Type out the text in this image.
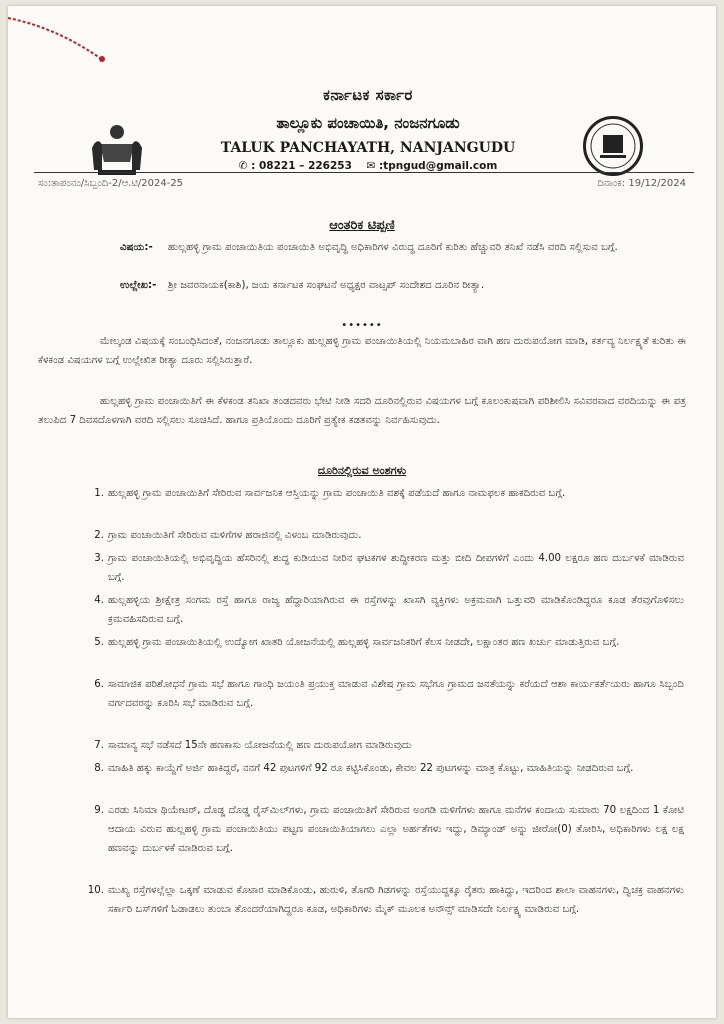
ಕರ್ನಾಟಕ ಸರ್ಕಾರ
ತಾಲ್ಲೂಕು ಪಂಚಾಯಿತಿ, ನಂಜನಗೂಡು
TALUK PANCHAYATH, NANJANGUDU
✆ : 08221 – 226253 ✉ :tpngud@gmail.com
ಸಂ:ತಾಪಂನಂ/ಸಿಬ್ಬಂದಿ-2/ಆ.ಟಿ/2024-25	ದಿನಾಂಕ: 19/12/2024
ಆಂತರಿಕ ಟಿಪ್ಪಣಿ
ವಿಷಯ:-	ಹುಲ್ಲಹಳ್ಳಿ ಗ್ರಾಮ ಪಂಚಾಯಿತಿಯ ಪಂಚಾಯಿತಿ ಅಭಿವೃದ್ಧಿ ಅಧಿಕಾರಿಗಳ ವಿರುದ್ಧ ದೂರಿಗೆ ಕುರಿತು ಹೆಚ್ಚುವರಿ ತನಿಖೆ ನಡೆಸಿ ವರದಿ ಸಲ್ಲಿಸುವ ಬಗ್ಗೆ.
ಉಲ್ಲೇಖ:-	ಶ್ರೀ ಜವರನಾಯಕ(ಕಾಶಿ), ಜಯ ಕರ್ನಾಟಕ ಸಂಘಟನೆ ಅಧ್ಯಕ್ಷರ ವಾಟ್ಸಪ್ ಸಂದೇಶದ ದೂರಿನ ರೀತ್ಯಾ.
••••••
ಮೇಲ್ಕಂಡ ವಿಷಯಕ್ಕೆ ಸಂಬಂಧಿಸಿದಂತೆ, ನಂಜನಗೂಡು ತಾಲ್ಲೂಕು ಹುಲ್ಲಹಳ್ಳಿ ಗ್ರಾಮ ಪಂಚಾಯಿತಿಯಲ್ಲಿ ನಿಯಮಬಾಹಿರ ವಾಗಿ ಹಣ ದುರುಪಯೋಗ ಮಾಡಿ, ಕರ್ತವ್ಯ ನಿರ್ಲಕ್ಷ್ಯತೆ ಕುರಿತು ಈ ಕೆಳಕಂಡ ವಿಷಯಗಳ ಬಗ್ಗೆ ಉಲ್ಲೇಖಿತ ರೀತ್ಯಾ ದೂರು ಸಲ್ಲಿಸಿರುತ್ತಾರೆ.
ಹುಲ್ಲಹಳ್ಳಿ ಗ್ರಾಮ ಪಂಚಾಯಿತಿಗೆ ಈ ಕೆಳಕಂಡ ತನಿಖಾ ತಂಡದವರು ಭೇಟಿ ನೀಡಿ ಸದರಿ ದೂರಿನಲ್ಲಿರುವ ವಿಷಯಗಳ ಬಗ್ಗೆ ಕೂಲಂಕುಷವಾಗಿ ಪರಿಶೀಲಿಸಿ ಸವಿವರವಾದ ವರದಿಯನ್ನು ಈ ಪತ್ರ ತಲುಪಿದ 7 ದಿವಸದೊಳಗಾಗಿ ವರದಿ ಸಲ್ಲಿಸಲು ಸೂಚಿಸಿದೆ. ಹಾಗೂ ಪ್ರತಿಯೊಂದು ದೂರಿಗೆ ಪ್ರತ್ಯೇಕ ಕಡತವನ್ನು ನಿರ್ವಹಿಸುವುದು.
ದೂರಿನಲ್ಲಿರುವ ಅಂಶಗಳು
1. ಹುಲ್ಲಹಳ್ಳಿ ಗ್ರಾಮ ಪಂಚಾಯಿತಿಗೆ ಸೇರಿರುವ ಸಾರ್ವಜನಿಕ ಆಸ್ತಿಯನ್ನು ಗ್ರಾಮ ಪಂಚಾಯಿತಿ ವಶಕ್ಕೆ ಪಡೆಯದೆ ಹಾಗೂ ನಾಮಫಲಕ ಹಾಕದಿರುವ ಬಗ್ಗೆ.
2. ಗ್ರಾಮ ಪಂಚಾಯಿತಿಗೆ ಸೇರಿರುವ ಮಳಿಗೆಗಳ ಹರಾಜಿನಲ್ಲಿ ವಿಳಂಬ ಮಾಡಿರುವುದು.
3. ಗ್ರಾಮ ಪಂಚಾಯಿತಿಯಲ್ಲಿ ಅಭಿವೃದ್ಧಿಯ ಹೆಸರಿನಲ್ಲಿ ಶುದ್ಧ ಕುಡಿಯುವ ನೀರಿನ ಘಟಕಗಳ ಶುದ್ಧೀಕರಣ ಮತ್ತು ಬೀದಿ ದೀಪಗಳಿಗೆ ಎಂದು 4.00 ಲಕ್ಷರೂ ಹಣ ದುರ್ಬಳಕೆ ಮಾಡಿರುವ ಬಗ್ಗೆ.
4. ಹುಲ್ಲಹಳ್ಳಿಯ ಶ್ರೀಕ್ಷೇತ್ರ ಸಂಗಮ ರಸ್ತೆ ಹಾಗೂ ರಾಜ್ಯ ಹೆದ್ದಾರಿಯಾಗಿರುವ ಈ ರಸ್ತೆಗಳನ್ನು ಖಾಸಗಿ ವ್ಯಕ್ತಿಗಳು ಅಕ್ರಮವಾಗಿ ಒತ್ತುವರಿ ಮಾಡಿಕೊಂಡಿದ್ದರೂ ಕೂಡ ತೆರವುಗೊಳಿಸಲು ಕ್ರಮವಹಿಸದಿರುವ ಬಗ್ಗೆ.
5. ಹುಲ್ಲಹಳ್ಳಿ ಗ್ರಾಮ ಪಂಚಾಯಿತಿಯಲ್ಲಿ ಉದ್ಯೋಗ ಖಾತರಿ ಯೋಜನೆಯಲ್ಲಿ ಹುಲ್ಲಹಳ್ಳಿ ಸಾರ್ವಜನಿಕರಿಗೆ ಕೆಲಸ ನೀಡದೇ, ಲಕ್ಷಾಂತರ ಹಣ ಖರ್ಚು ಮಾಡುತ್ತಿರುವ ಬಗ್ಗೆ.
6. ಸಾಮಾಜಿಕ ಪರಿಶೋಧನೆ ಗ್ರಾಮ ಸಭೆ ಹಾಗೂ ಗಾಂಧಿ ಜಯಂತಿ ಪ್ರಯುಕ್ತ ಮಾಡುವ ವಿಶೇಷ ಗ್ರಾಮ ಸಭೆಗೂ ಗ್ರಾಮದ ಜನತೆಯನ್ನು ಕರೆಯದೆ ಆಶಾ ಕಾರ್ಯಕರ್ತೆಯರು ಹಾಗೂ ಸಿಬ್ಬಂದಿ ವರ್ಗದವರನ್ನು ಕೂರಿಸಿ ಸಭೆ ಮಾಡಿರುವ ಬಗ್ಗೆ.
7. ಸಾಮಾನ್ಯ ಸಭೆ ನಡೆಸದೆ 15ನೇ ಹಣಕಾಸು ಯೋಜನೆಯಲ್ಲಿ ಹಣ ದುರುಪಯೋಗ ಮಾಡಿರುವುದು
8. ಮಾಹಿತಿ ಹಕ್ಕು ಕಾಯ್ದೆಗೆ ಅರ್ಜಿ ಹಾಕಿದ್ದರೆ, ನನಗೆ 42 ಪುಟಗಳಿಗೆ 92 ರೂ ಕಟ್ಟಿಸಿಕೊಂಡು, ಕೇವಲ 22 ಪುಟಗಳನ್ನು ಮಾತ್ರ ಕೊಟ್ಟು, ಮಾಹಿತಿಯನ್ನು ನೀಡದಿರುವ ಬಗ್ಗೆ.
9. ಎರಡು ಸಿನಿಮಾ ಥಿಯೇಟರ್, ದೊಡ್ಡ ದೊಡ್ಡ ರೈಸ್‌ಮಿಲ್‌ಗಳು, ಗ್ರಾಮ ಪಂಚಾಯಿತಿಗೆ ಸೇರಿರುವ ಅಂಗಡಿ ಮಳಿಗೆಗಳು ಹಾಗೂ ಮನೆಗಳ ಕಂದಾಯ ಸುಮಾರು 70 ಲಕ್ಷದಿಂದ 1 ಕೋಟಿ ಆದಾಯ ವಿರುವ ಹುಲ್ಲಹಳ್ಳಿ ಗ್ರಾಮ ಪಂಚಾಯಿತಿಯು ಪಟ್ಟಣ ಪಂಚಾಯಿತಿಯಾಗಲು ಎಲ್ಲಾ ಅರ್ಹತೆಗಳು ಇದ್ದು, ಡಿಮ್ಯಾಂಡ್ ಅನ್ನು ಜೀರೋ(0) ತೋರಿಸಿ, ಅಧಿಕಾರಿಗಳು ಲಕ್ಷ ಲಕ್ಷ ಹಣವನ್ನು ದುರ್ಬಳಕೆ ಮಾಡಿರುವ ಬಗ್ಗೆ.
10. ಮುಖ್ಯ ರಸ್ತೆಗಳಲ್ಲೆಲ್ಲಾ ಒಕ್ಕಣೆ ಮಾಡುವ ಕೊಟಾರ ಮಾಡಿಕೊಂಡು, ಹುರುಳಿ, ತೊಗರಿ ಗಿಡಗಳನ್ನು ರಸ್ತೆಯುದ್ದಕ್ಕೂ ರೈತರು ಹಾಕಿದ್ದು, ಇದರಿಂದ ಶಾಲಾ ವಾಹನಗಳು, ದ್ವಿಚಕ್ರ ವಾಹನಗಳು ಸರ್ಕಾರಿ ಬಸ್‌ಗಳಿಗೆ ಓಡಾಡಲು ತುಂಬಾ ತೊಂದರೆಯಾಗಿದ್ದರೂ ಕೂಡ, ಅಧಿಕಾರಿಗಳು ಮೈಕ್ ಮೂಲಕ ಅನೌನ್ಸ್ ಮಾಡಿಸದೇ ನಿರ್ಲಕ್ಷ್ಯ ಮಾಡಿರುವ ಬಗ್ಗೆ.
